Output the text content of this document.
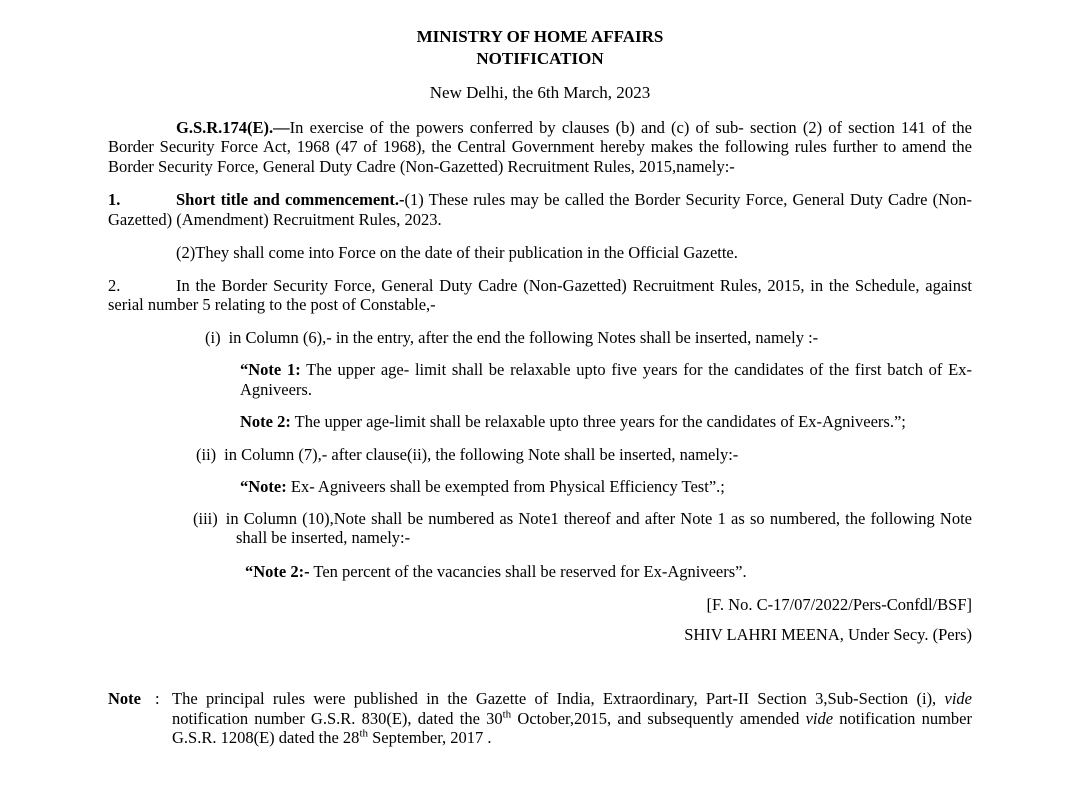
MINISTRY OF HOME AFFAIRS
NOTIFICATION

New Delhi, the 6th March, 2023

G.S.R.174(E).—In exercise of the powers conferred by clauses (b) and (c) of sub- section (2) of section 141 of the Border Security Force Act, 1968 (47 of 1968), the Central Government hereby makes the following rules further to amend the Border Security Force, General Duty Cadre (Non-Gazetted) Recruitment Rules, 2015,namely:-

1.	Short title and commencement.-(1) These rules may be called the Border Security Force, General Duty Cadre (Non-Gazetted) (Amendment) Recruitment Rules, 2023.

(2)They shall come into Force on the date of their publication in the Official Gazette.

2.	In the Border Security Force, General Duty Cadre (Non-Gazetted) Recruitment Rules, 2015, in the Schedule, against serial number 5 relating to the post of Constable,-

(i) in Column (6),- in the entry, after the end the following Notes shall be inserted, namely :-

“Note 1: The upper age- limit shall be relaxable upto five years for the candidates of the first batch of Ex-Agniveers.

Note 2: The upper age-limit shall be relaxable upto three years for the candidates of Ex-Agniveers.”;

(ii) in Column (7),- after clause(ii), the following Note shall be inserted, namely:-

“Note: Ex- Agniveers shall be exempted from Physical Efficiency Test”.;

(iii) in Column (10),Note shall be numbered as Note1 thereof and after Note 1 as so numbered, the following Note shall be inserted, namely:-

“Note 2:- Ten percent of the vacancies shall be reserved for Ex-Agniveers”.

[F. No. C-17/07/2022/Pers-Confdl/BSF]

SHIV LAHRI MEENA, Under Secy. (Pers)

Note : The principal rules were published in the Gazette of India, Extraordinary, Part-II Section 3,Sub-Section (i), vide notification number G.S.R. 830(E), dated the 30th October,2015, and subsequently amended vide notification number G.S.R. 1208(E) dated the 28th September, 2017 .
